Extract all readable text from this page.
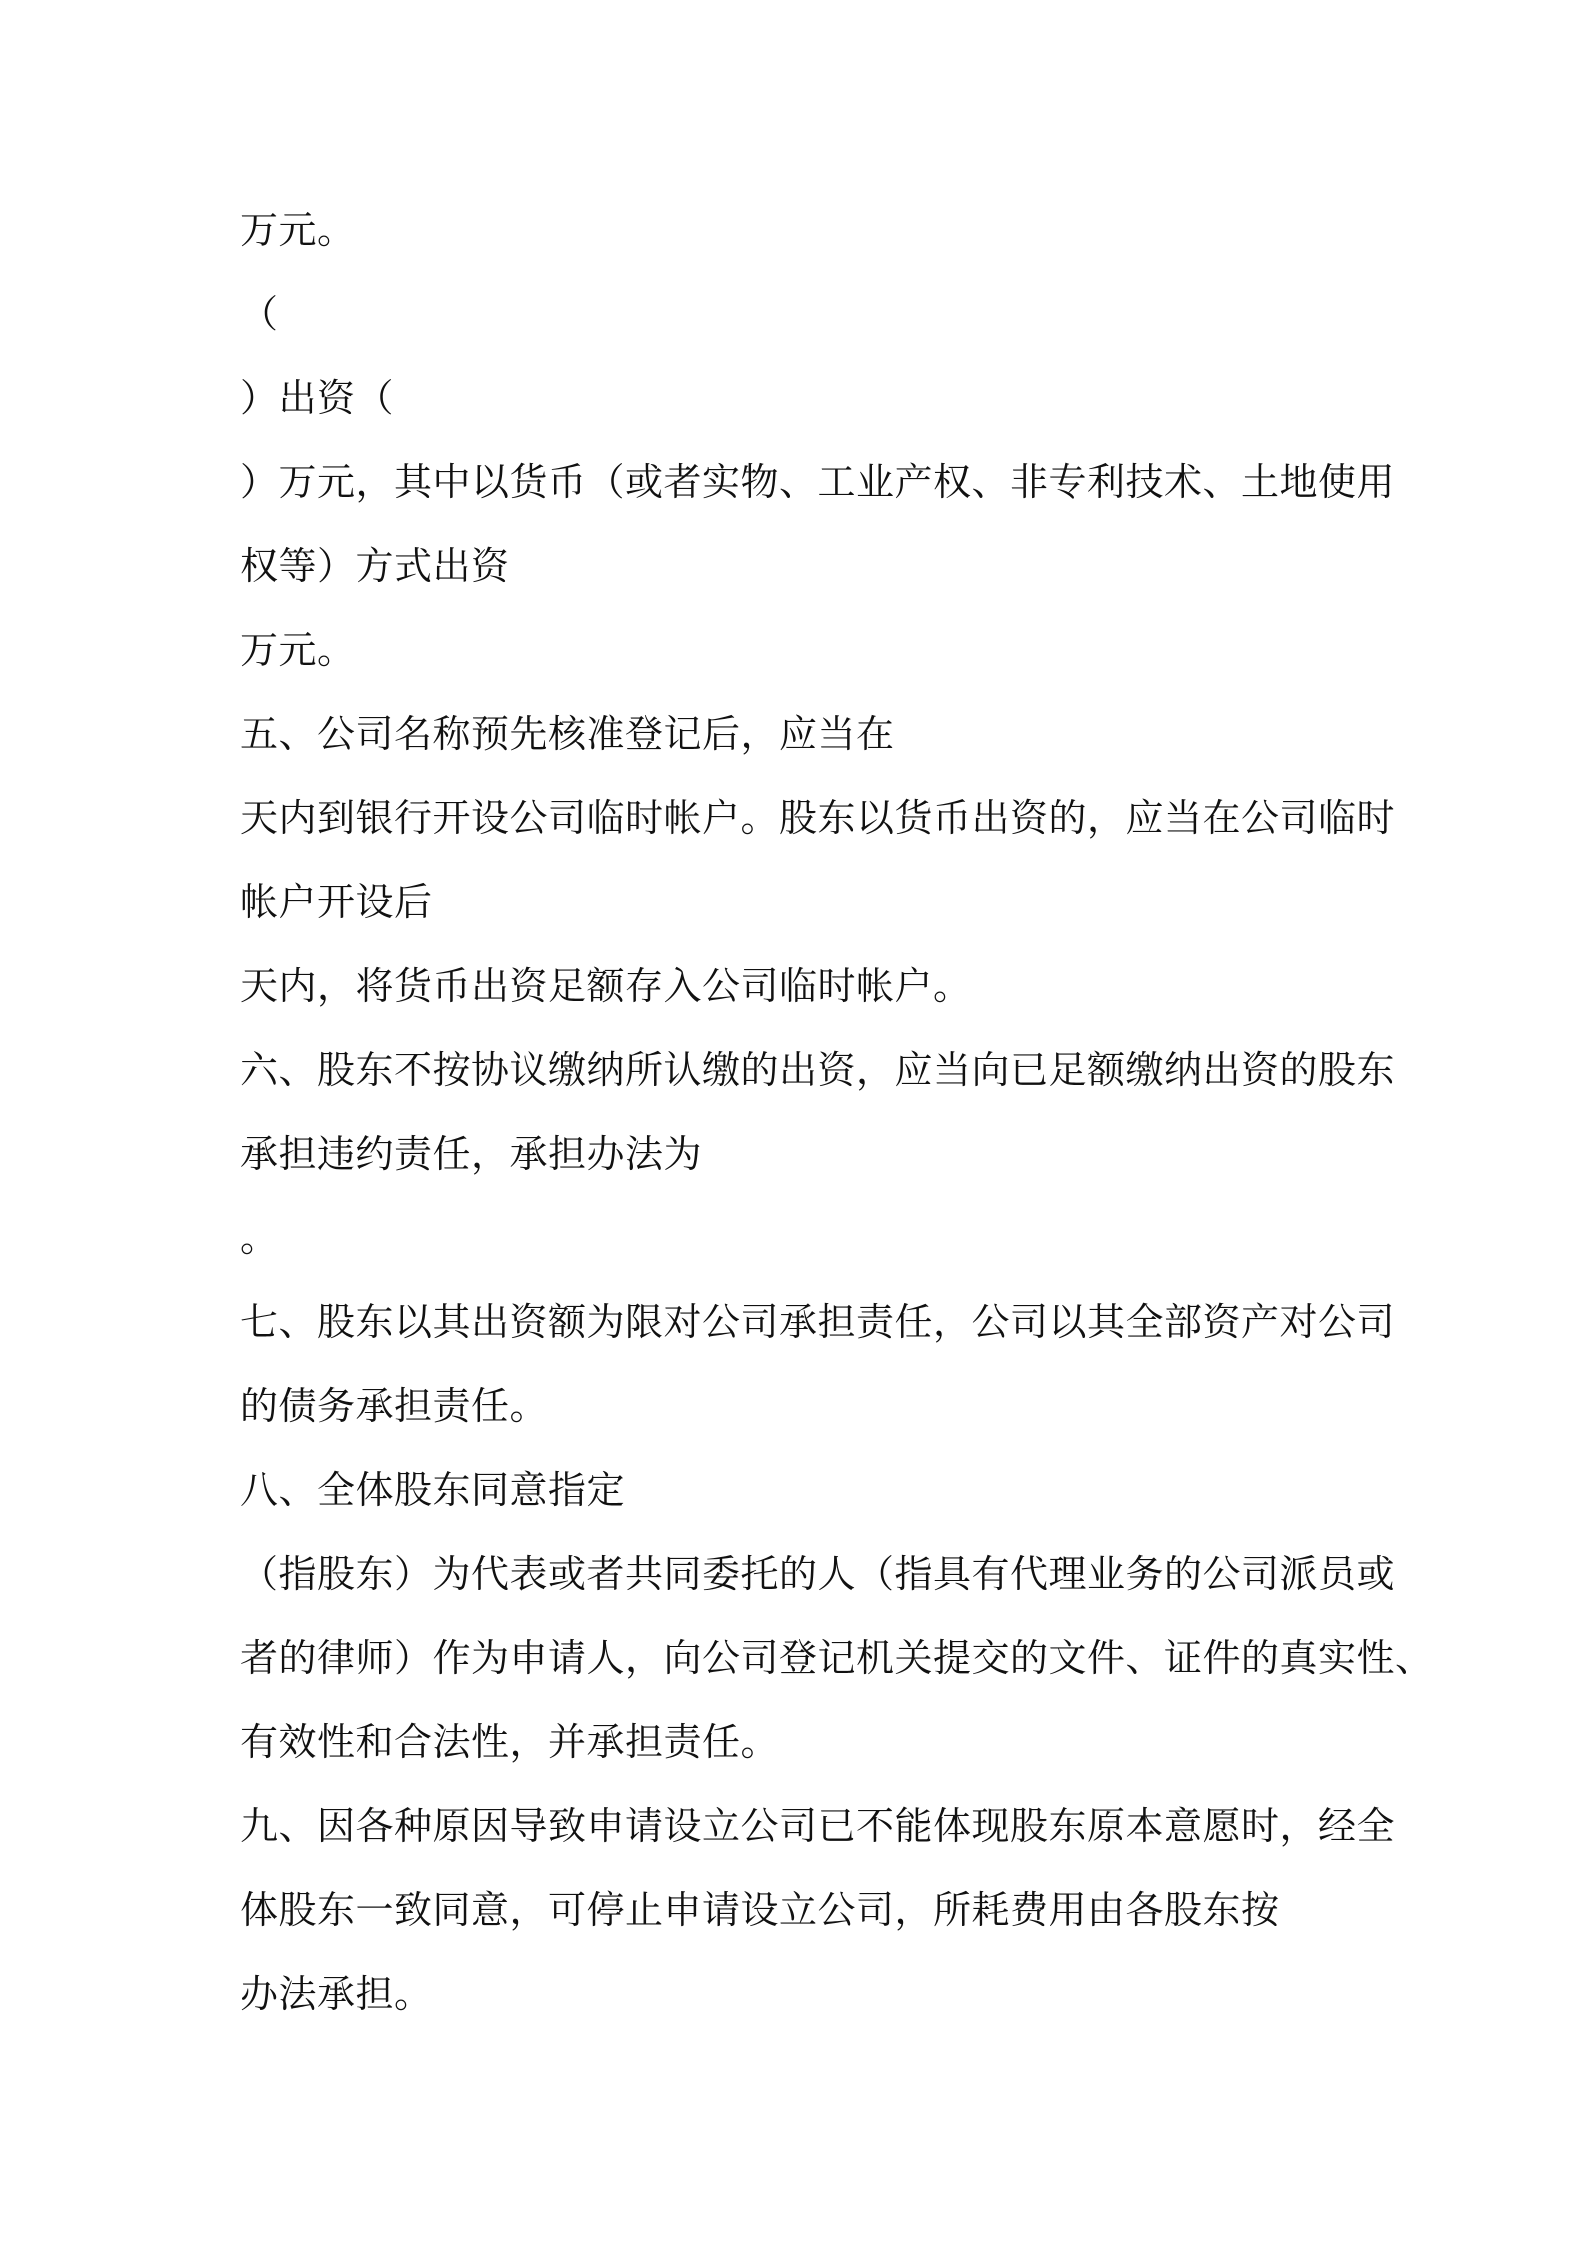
万元。
（
）出资（
）万元，其中以货币（或者实物、工业产权、非专利技术、土地使用
权等）方式出资
万元。
五、公司名称预先核准登记后，应当在
天内到银行开设公司临时帐户。股东以货币出资的，应当在公司临时
帐户开设后
天内，将货币出资足额存入公司临时帐户。
六、股东不按协议缴纳所认缴的出资，应当向已足额缴纳出资的股东
承担违约责任，承担办法为
。
七、股东以其出资额为限对公司承担责任，公司以其全部资产对公司
的债务承担责任。
八、全体股东同意指定
（指股东）为代表或者共同委托的人（指具有代理业务的公司派员或
者的律师）作为申请人，向公司登记机关提交的文件、证件的真实性、
有效性和合法性，并承担责任。
九、因各种原因导致申请设立公司已不能体现股东原本意愿时，经全
体股东一致同意，可停止申请设立公司，所耗费用由各股东按
办法承担。
